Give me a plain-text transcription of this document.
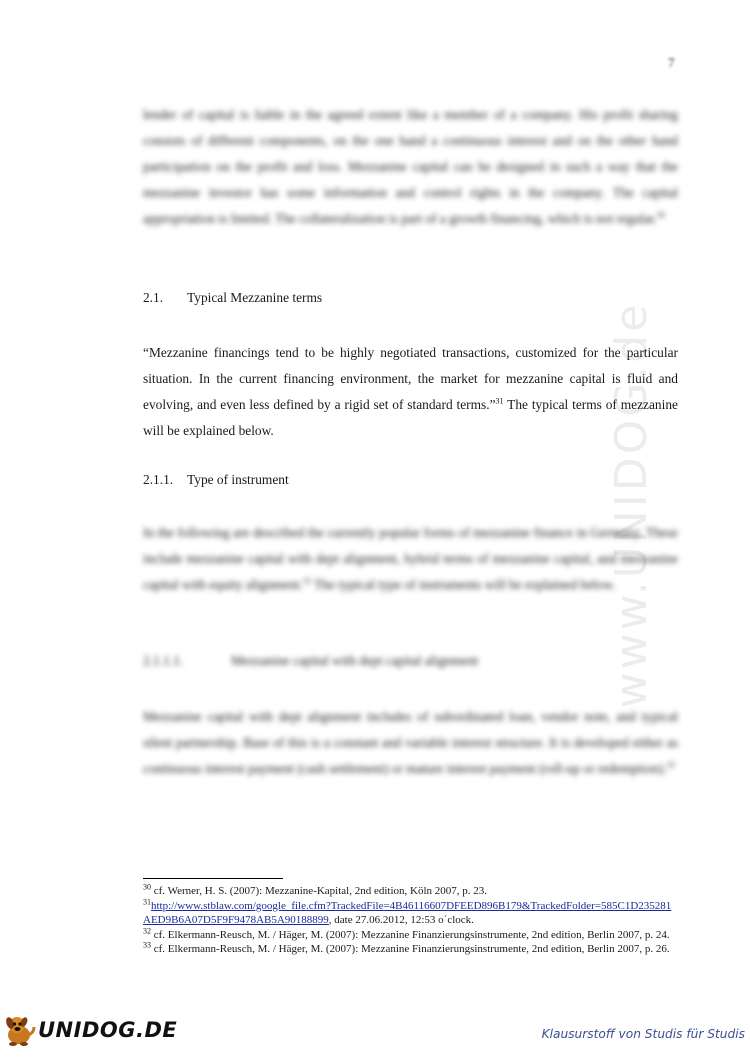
7
www.UNIDOG.de
lender of capital is liable in the agreed extent like a member of a company. His profit sharing consists of different components, on the one hand a continuous interest and on the other hand participation on the profit and loss. Mezzanine capital can be designed in such a way that the mezzanine investor has some information and control rights in the company. The capital appropriation is limited. The collateralization is part of a growth financing, which is not regular.$^{30}$
2.1. Typical Mezzanine terms
“Mezzanine financings tend to be highly negotiated transactions, customized for the particular situation. In the current financing environment, the market for mezzanine capital is fluid and evolving, and even less defined by a rigid set of standard terms.”$^{31}$ The typical terms of mezzanine will be explained below.
2.1.1. Type of instrument
In the following are described the currently popular forms of mezzanine finance in Germany. These include mezzanine capital with dept alignment, hybrid terms of mezzanine capital, and mezzanine capital with equity alignment.$^{32}$ The typical type of instruments will be explained below.
2.1.1.1.	Mezzanine capital with dept capital alignment
Mezzanine capital with dept alignment includes of subordinated loan, vendor note, and typical silent partnership. Base of this is a constant and variable interest structure. It is developed either as continuous interest payment (cash settlement) or mature interest payment (roll-up or redemption).$^{33}$

$^{30}$ cf. Werner, H. S. (2007): Mezzanine-Kapital, 2nd edition, Köln 2007, p. 23.

$^{31}$http://www.stblaw.com/google_file.cfm?TrackedFile=4B46116607DFEED896B179&TrackedFolder=585C1D235281AED9B6A07D5F9F9478AB5A90188899, date 27.06.2012, 12:53 o´clock.

$^{32}$ cf. Elkermann-Reusch, M. / Häger, M. (2007): Mezzanine Finanzierungsinstrumente, 2nd edition, Berlin 2007, p. 24.

$^{33}$ cf. Elkermann-Reusch, M. / Häger, M. (2007): Mezzanine Finanzierungsinstrumente, 2nd edition, Berlin 2007, p. 26.

UNIDOG.DE	Klausurstoff von Studis für Studis
